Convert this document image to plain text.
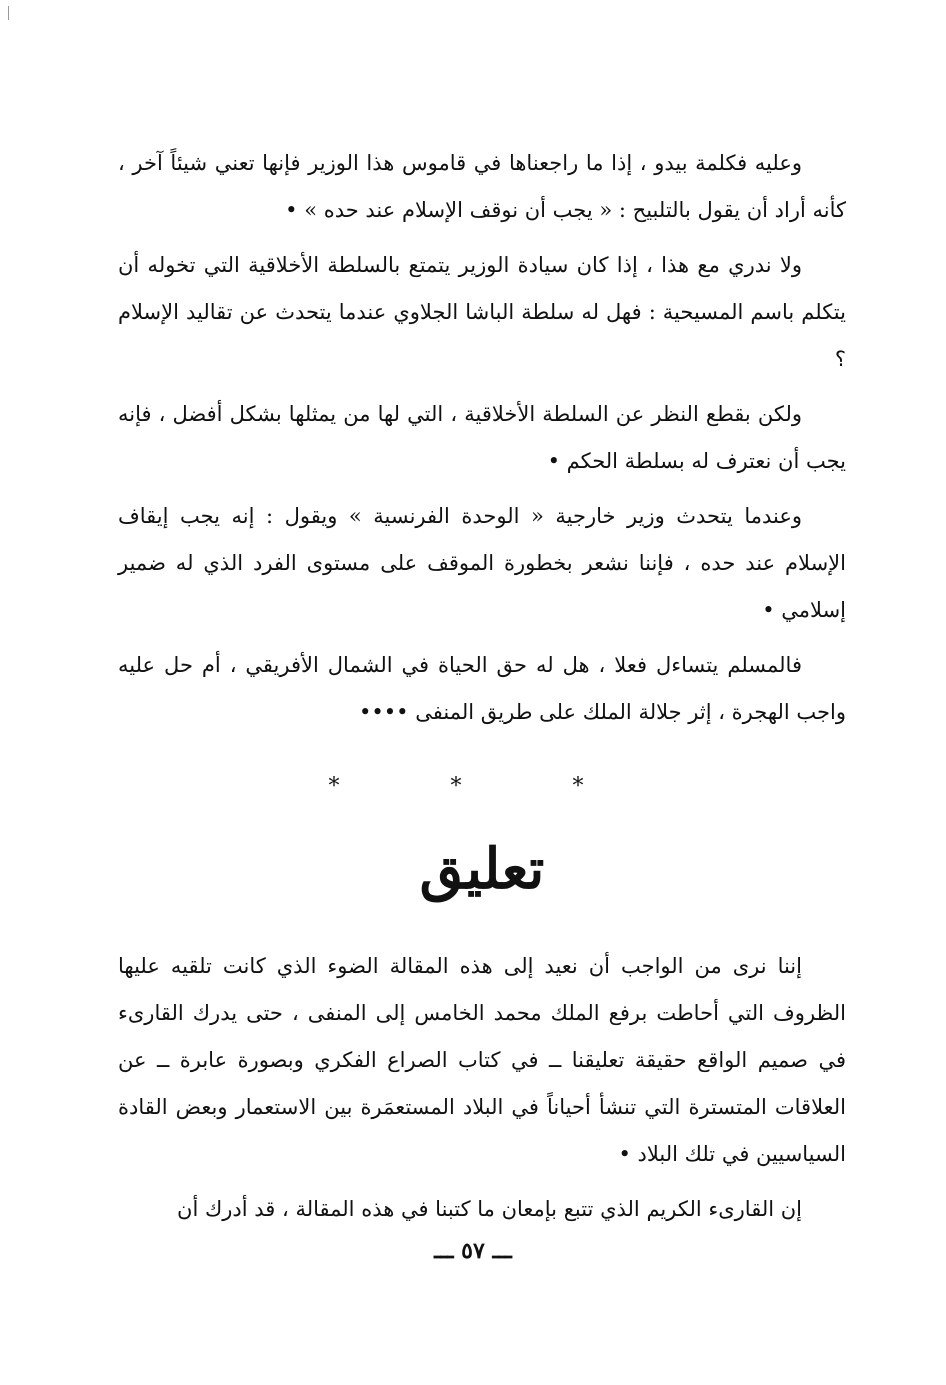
وعليه فكلمة بيدو ، إذا ما راجعناها في قاموس هذا الوزير فإنها تعني شيئاً آخر ، كأنه أراد أن يقول بالتلبيح : « يجب أن نوقف الإسلام عند حده » •

ولا ندري مع هذا ، إذا كان سيادة الوزير يتمتع بالسلطة الأخلاقية التي تخوله أن يتكلم باسم المسيحية : فهل له سلطة الباشا الجلاوي عندما يتحدث عن تقاليد الإسلام ؟

ولكن بقطع النظر عن السلطة الأخلاقية ، التي لها من يمثلها بشكل أفضل ، فإنه يجب أن نعترف له بسلطة الحكم •

وعندما يتحدث وزير خارجية « الوحدة الفرنسية » ويقول : إنه يجب إيقاف الإسلام عند حده ، فإننا نشعر بخطورة الموقف على مستوى الفرد الذي له ضمير إسلامي •

فالمسلم يتساءل فعلا ، هل له حق الحياة في الشمال الأفريقي ، أم حل عليه واجب الهجرة ، إثر جلالة الملك على طريق المنفى ••••

* * *
تعليق

إننا نرى من الواجب أن نعيد إلى هذه المقالة الضوء الذي كانت تلقيه عليها الظروف التي أحاطت برفع الملك محمد الخامس إلى المنفى ، حتى يدرك القارىء في صميم الواقع حقيقة تعليقنا ــ في كتاب الصراع الفكري وبصورة عابرة ــ عن العلاقات المتسترة التي تنشأ أحياناً في البلاد المستعمَرة بين الاستعمار وبعض القادة السياسيين في تلك البلاد •

إن القارىء الكريم الذي تتبع بإمعان ما كتبنا في هذه المقالة ، قد أدرك أن

ـــ ٥٧ ـــ
